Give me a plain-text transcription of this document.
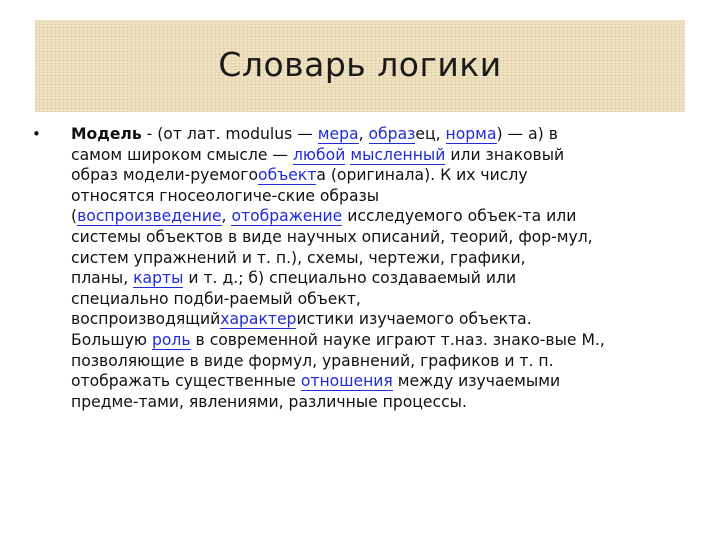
Словарь логики
•	Модель - (от лат. modulus — мера, образец, норма) — а) в
самом широком смысле — любой мысленный или знаковый
образ модели-руемогообъекта (оригинала). К их числу
относятся гносеологиче-ские образы
(воспроизведение, отображение исследуемого объек-та или
системы объектов в виде научных описаний, теорий, фор-мул,
систем упражнений и т. п.), схемы, чертежи, графики,
планы, карты и т. д.; б) специально создаваемый или
специально подби-раемый объект,
воспроизводящийхарактеристики изучаемого объекта.
Большую роль в современной науке играют т.наз. знако-вые М.,
позволяющие в виде формул, уравнений, графиков и т. п.
отображать существенные отношения между изучаемыми
предме-тами, явлениями, различные процессы.
